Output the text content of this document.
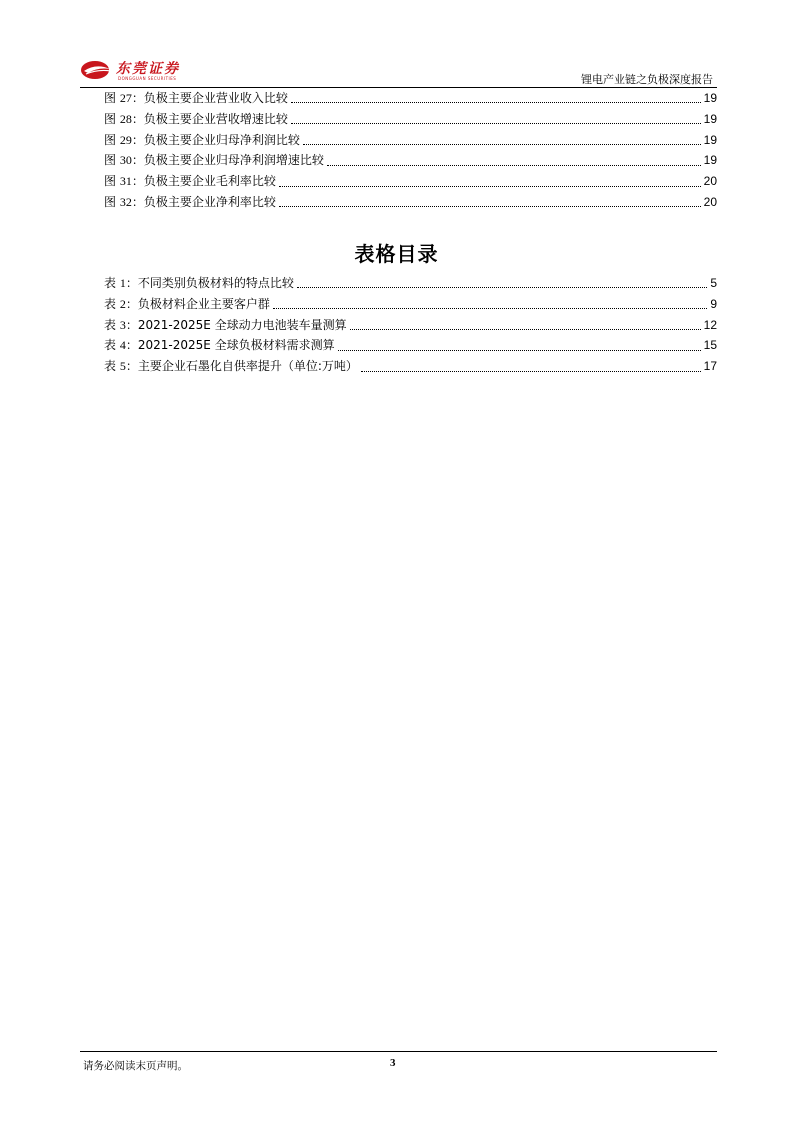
东莞证券
DONGGUAN SECURITIES	锂电产业链之负极深度报告
图 27：负极主要企业营业收入比较	19
图 28：负极主要企业营收增速比较	19
图 29：负极主要企业归母净利润比较	19
图 30：负极主要企业归母净利润增速比较	19
图 31：负极主要企业毛利率比较	20
图 32：负极主要企业净利率比较	20
表格目录
表 1：不同类别负极材料的特点比较	5
表 2：负极材料企业主要客户群	9
表 3：2021-2025E 全球动力电池装车量测算	12
表 4：2021-2025E 全球负极材料需求测算	15
表 5：主要企业石墨化自供率提升（单位:万吨）	17
请务必阅读末页声明。	3
